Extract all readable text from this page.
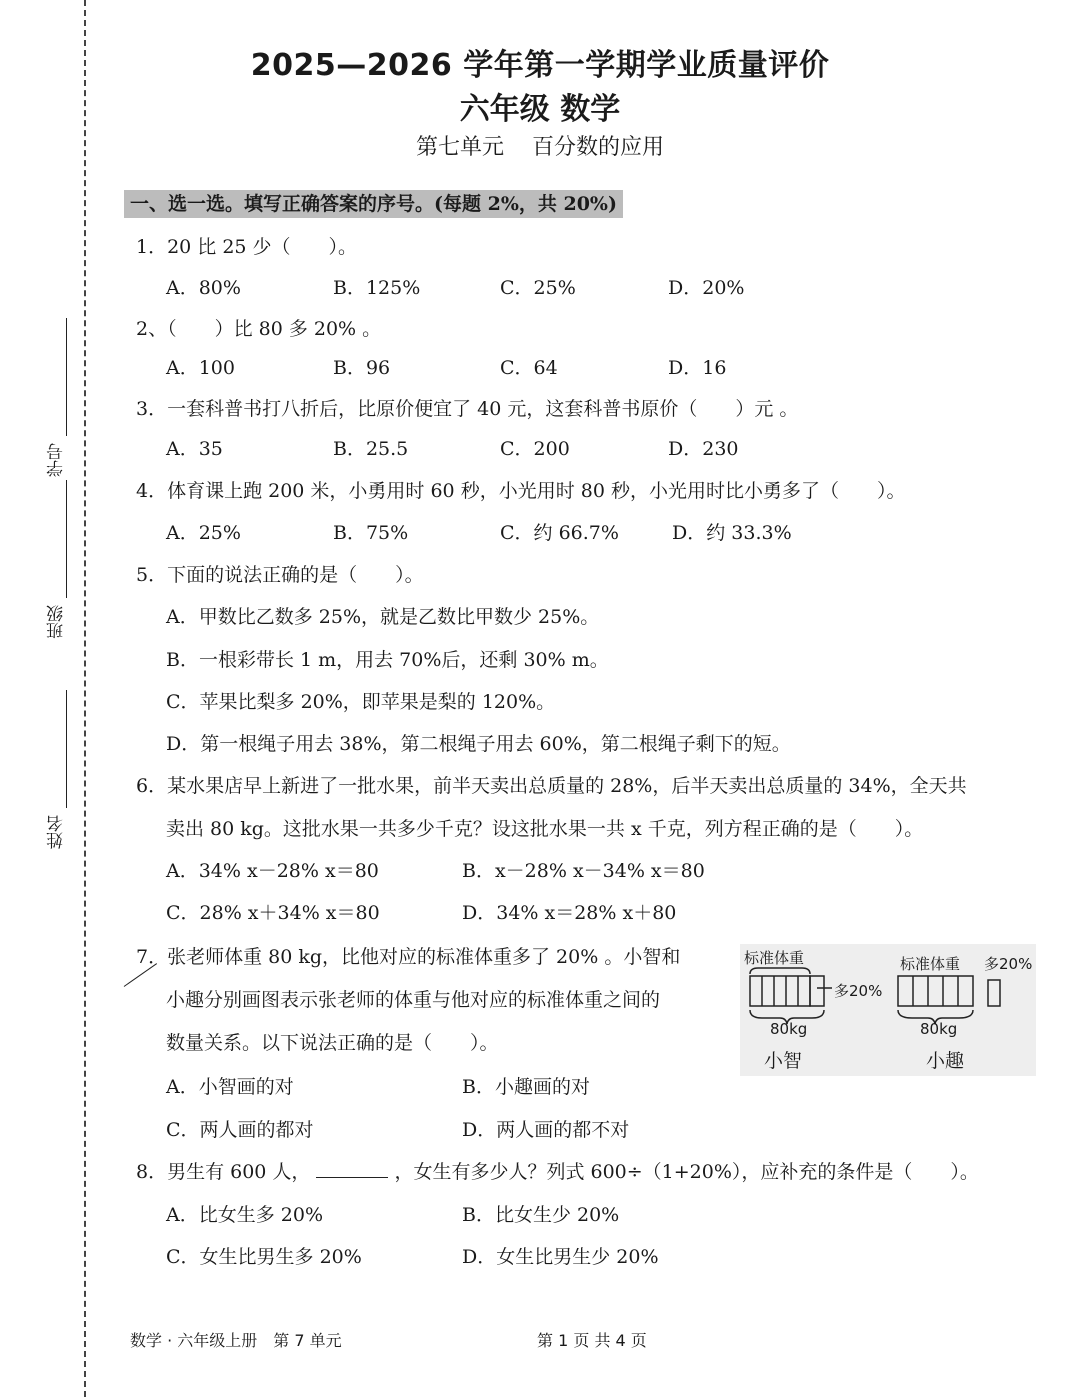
学号
班级
姓名
2025—2026 学年第一学期学业质量评价
六年级 数学
第七单元 百分数的应用
一、选一选。填写正确答案的序号。(每题 2%，共 20%)
1．20 比 25 少（　　）。
A．80%	B．125%	C．25%	D．20%
2、（　　）比 80 多 20% 。
A．100	B．96	C．64	D．16
3．一套科普书打八折后，比原价便宜了 40 元，这套科普书原价（　　）元 。
A．35	B．25.5	C．200	D．230
4．体育课上跑 200 米，小勇用时 60 秒，小光用时 80 秒，小光用时比小勇多了（　　）。
A．25%	B．75%	C．约 66.7%	D．约 33.3%
5．下面的说法正确的是（　　）。
A．甲数比乙数多 25%，就是乙数比甲数少 25%。
B．一根彩带长 1 m，用去 70%后，还剩 30% m。
C．苹果比梨多 20%，即苹果是梨的 120%。
D．第一根绳子用去 38%，第二根绳子用去 60%，第二根绳子剩下的短。
6．某水果店早上新进了一批水果，前半天卖出总质量的 28%，后半天卖出总质量的 34%，全天共
卖出 80 kg。这批水果一共多少千克？设这批水果一共 x 千克，列方程正确的是（　　）。
A．34% x－28% x＝80	B．x－28% x－34% x＝80
C．28% x＋34% x＝80	D．34% x＝28% x＋80
7．张老师体重 80 kg，比他对应的标准体重多了 20% 。小智和
小趣分别画图表示张老师的体重与他对应的标准体重之间的
数量关系。以下说法正确的是（　　）。
A．小智画的对	B．小趣画的对
C．两人画的都对	D．两人画的都不对
标准体重
多20%
80kg
小智
标准体重 多20%
80kg
小趣
8．男生有 600 人，	，女生有多少人？列式 600÷（1+20%），应补充的条件是（　　）。
A．比女生多 20%	B．比女生少 20%
C．女生比男生多 20%	D．女生比男生少 20%
数学 · 六年级上册　第 7 单元	第 1 页 共 4 页
